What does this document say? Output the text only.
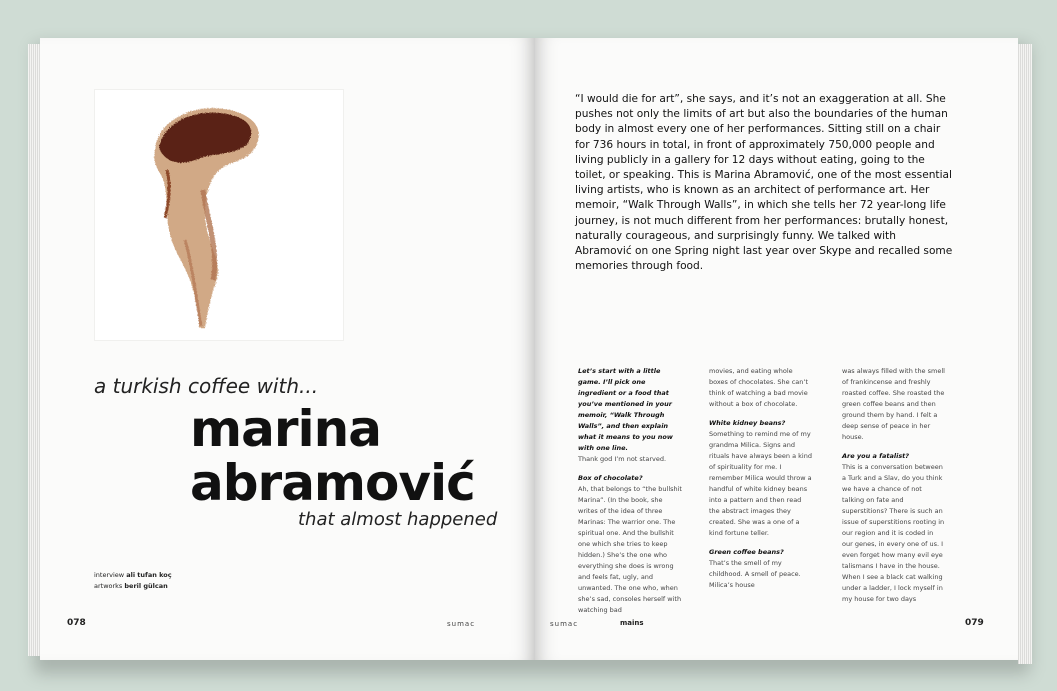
a turkish coffee with...
marina
abramović
that almost happened
interview ali tufan koç
artworks beril gülcan
078	sumac
“I would die for art”, she says, and it’s not an exaggeration at all. She pushes not only the limits of art but also the boundaries of the human body in almost every one of her performances. Sitting still on a chair for 736 hours in total, in front of approximately 750,000 people and living publicly in a gallery for 12 days without eating, going to the toilet, or speaking. This is Marina Abramović, one of the most essential living artists, who is known as an architect of performance art. Her memoir, “Walk Through Walls”, in which she tells her 72 year-long life journey, is not much different from her performances: brutally honest, naturally courageous, and surprisingly funny. We talked with Abramović on one Spring night last year over Skype and recalled some memories through food.

Let’s start with a little game. I’ll pick one ingredient or a food that you’ve mentioned in your memoir, “Walk Through Walls”, and then explain what it means to you now with one line.

Thank god I’m not starved.

Box of chocolate?

Ah, that belongs to “the bullshit Marina”. (In the book, she writes of the idea of three Marinas: The warrior one. The spiritual one. And the bullshit one which she tries to keep hidden.) She’s the one who everything she does is wrong and feels fat, ugly, and unwanted. The one who, when she’s sad, consoles herself with watching bad

movies, and eating whole boxes of chocolates. She can’t think of watching a bad movie without a box of chocolate.

White kidney beans?

Something to remind me of my grandma Milica. Signs and rituals have always been a kind of spirituality for me. I remember Milica would throw a handful of white kidney beans into a pattern and then read the abstract images they created. She was a one of a kind fortune teller.

Green coffee beans?

That’s the smell of my childhood. A smell of peace. Milica’s house

was always filled with the smell of frankincense and freshly roasted coffee. She roasted the green coffee beans and then ground them by hand. I felt a deep sense of peace in her house.

Are you a fatalist?

This is a conversation between a Turk and a Slav, do you think we have a chance of not talking on fate and superstitions? There is such an issue of superstitions rooting in our region and it is coded in our genes, in every one of us. I even forget how many evil eye talismans I have in the house. When I see a black cat walking under a ladder, I lock myself in my house for two days

sumac	mains	079
